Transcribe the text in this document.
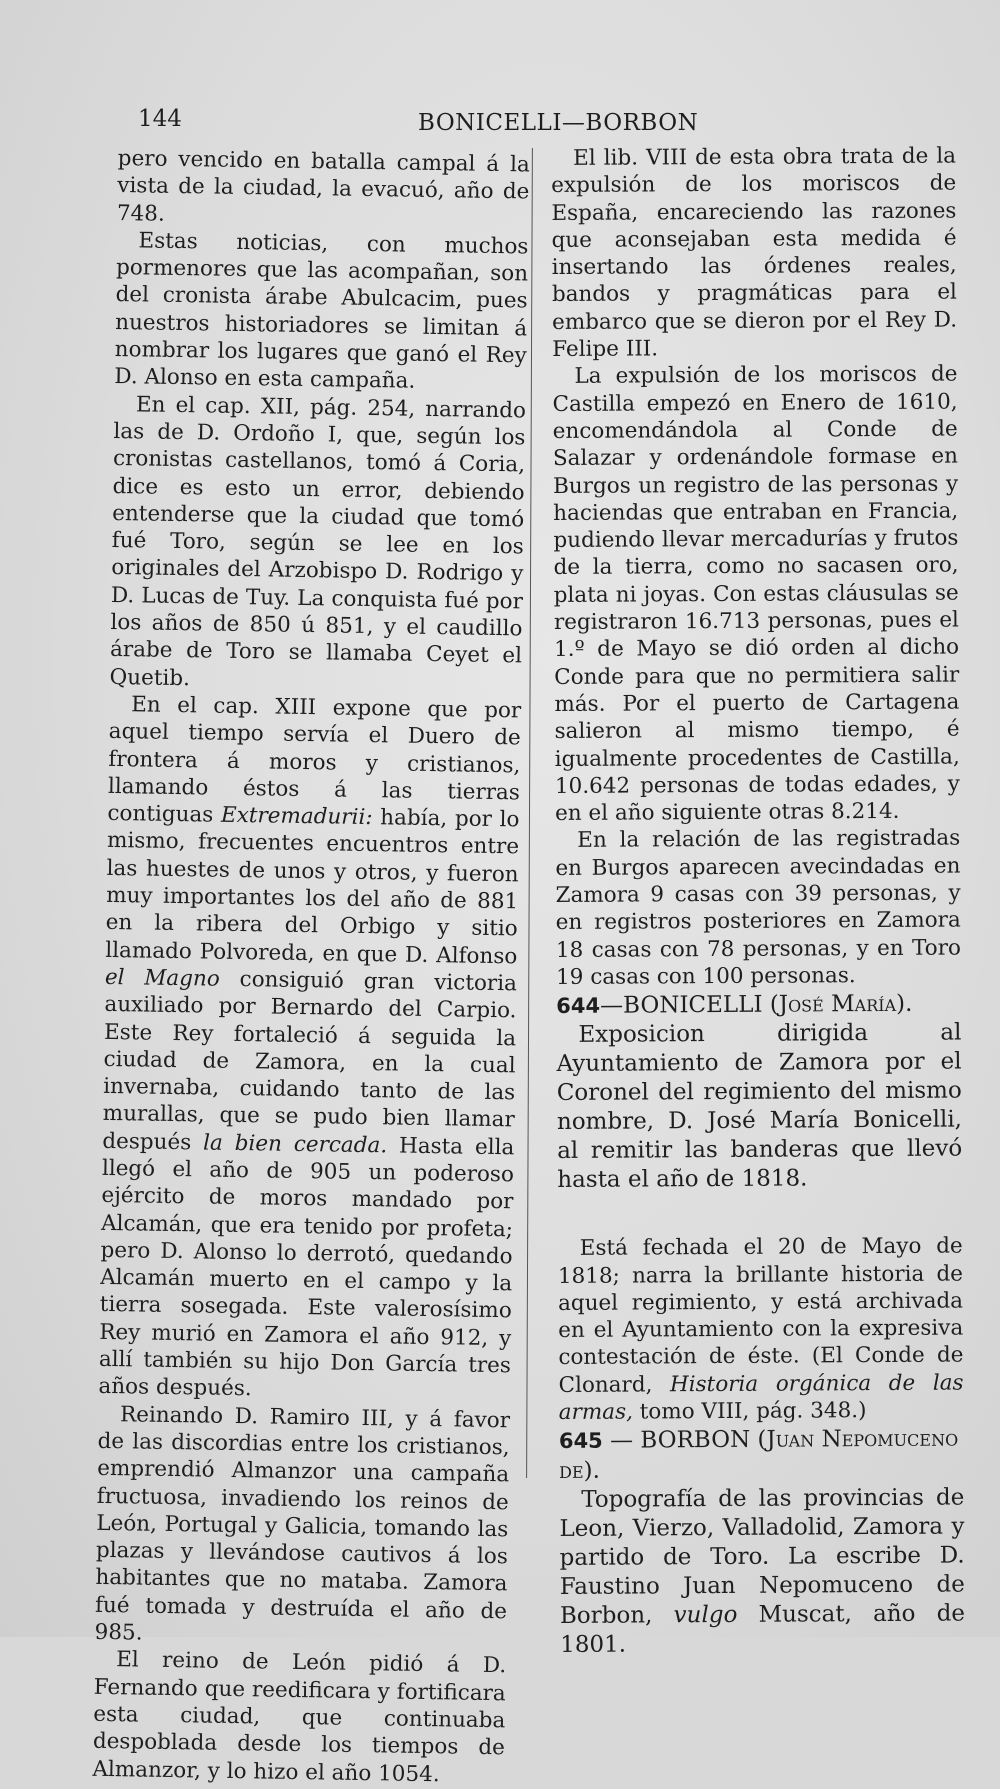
144	BONICELLI—BORBON

pero vencido en batalla campal á la vista de la ciudad, la evacuó, año de 748.

Estas noticias, con muchos pormenores que las acompañan, son del cronista árabe Abulcacim, pues nuestros historiadores se limitan á nombrar los lugares que ganó el Rey D. Alonso en esta campaña.

En el cap. XII, pág. 254, narrando las de D. Ordoño I, que, según los cronistas castellanos, tomó á Coria, dice es esto un error, debiendo entenderse que la ciudad que tomó fué Toro, según se lee en los originales del Arzobispo D. Rodrigo y D. Lucas de Tuy. La conquista fué por los años de 850 ú 851, y el caudillo árabe de Toro se llamaba Ceyet el Quetib.

En el cap. XIII expone que por aquel tiempo servía el Duero de frontera á moros y cristianos, llamando éstos á las tierras contiguas Extremadurii: había, por lo mismo, frecuentes encuentros entre las huestes de unos y otros, y fueron muy importantes los del año de 881 en la ribera del Orbigo y sitio llamado Polvoreda, en que D. Alfonso el Magno consiguió gran victoria auxiliado por Bernardo del Carpio. Este Rey fortaleció á seguida la ciudad de Zamora, en la cual invernaba, cuidando tanto de las murallas, que se pudo bien llamar después la bien cercada. Hasta ella llegó el año de 905 un poderoso ejército de moros mandado por Alcamán, que era tenido por profeta; pero D. Alonso lo derrotó, quedando Alcamán muerto en el campo y la tierra sosegada. Este valerosísimo Rey murió en Zamora el año 912, y allí también su hijo Don García tres años después.

Reinando D. Ramiro III, y á favor de las discordias entre los cristianos, emprendió Almanzor una campaña fructuosa, invadiendo los reinos de León, Portugal y Galicia, tomando las plazas y llevándose cautivos á los habitantes que no mataba. Zamora fué tomada y destruída el año de 985.

El reino de León pidió á D. Fernando que reedificara y fortificara esta ciudad, que continuaba despoblada desde los tiempos de Almanzor, y lo hizo el año 1054.

El lib. VIII de esta obra trata de la expulsión de los moriscos de España, encareciendo las razones que aconsejaban esta medida é insertando las órdenes reales, bandos y pragmáticas para el embarco que se dieron por el Rey D. Felipe III.

La expulsión de los moriscos de Castilla empezó en Enero de 1610, encomendándola al Conde de Salazar y ordenándole formase en Burgos un registro de las personas y haciendas que entraban en Francia, pudiendo llevar mercadurías y frutos de la tierra, como no sacasen oro, plata ni joyas. Con estas cláusulas se registraron 16.713 personas, pues el 1.º de Mayo se dió orden al dicho Conde para que no permitiera salir más. Por el puerto de Cartagena salieron al mismo tiempo, é igualmente procedentes de Castilla, 10.642 personas de todas edades, y en el año siguiente otras 8.214.

En la relación de las registradas en Burgos aparecen avecindadas en Zamora 9 casas con 39 personas, y en registros posteriores en Zamora 18 casas con 78 personas, y en Toro 19 casas con 100 personas.

644—BONICELLI (José María).

Exposicion dirigida al Ayuntamiento de Zamora por el Coronel del regimiento del mismo nombre, D. José María Bonicelli, al remitir las banderas que llevó hasta el año de 1818.

Está fechada el 20 de Mayo de 1818; narra la brillante historia de aquel regimiento, y está archivada en el Ayuntamiento con la expresiva contestación de éste. (El Conde de Clonard, Historia orgánica de las armas, tomo VIII, pág. 348.)

645 — BORBON (Juan Nepomuceno de).

Topografía de las provincias de Leon, Vierzo, Valladolid, Zamora y partido de Toro. La escribe D. Faustino Juan Nepomuceno de Borbon, vulgo Muscat, año de 1801.
